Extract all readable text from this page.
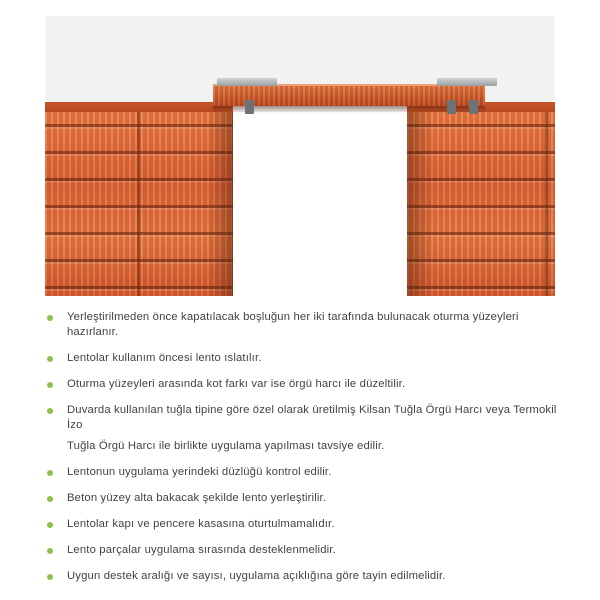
Yerleştirilmeden önce kapatılacak boşluğun her iki tarafında bulunacak oturma yüzeyleri hazırlanır.
Lentolar kullanım öncesi lento ıslatılır.
Oturma yüzeyleri arasında kot farkı var ise örgü harcı ile düzeltilir.
Duvarda kullanılan tuğla tipine göre özel olarak üretilmiş Kilsan Tuğla Örgü Harcı veya Termokil İzo
Tuğla Örgü Harcı ile birlikte uygulama yapılması tavsiye edilir.
Lentonun uygulama yerindeki düzlüğü kontrol edilir.
Beton yüzey alta bakacak şekilde lento yerleştirilir.
Lentolar kapı ve pencere kasasına oturtulmamalıdır.
Lento parçalar uygulama sırasında desteklenmelidir.
Uygun destek aralığı ve sayısı, uygulama açıklığına göre tayin edilmelidir.
